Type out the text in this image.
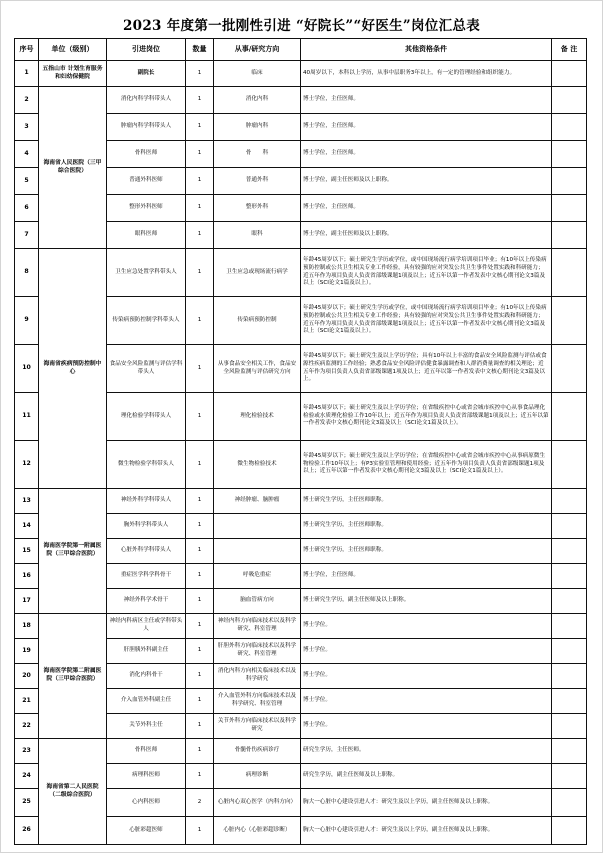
2023 年度第一批刚性引进 “好院长”“好医生”岗位汇总表
序号	单位（级别）	引进岗位	数量	从事/研究方向	其他资格条件	备 注
1	五指山市 计划生育服务和妇幼保健院	副院长	1	临床	40周岁以下，本科以上学历，从事中层职务3年以上，有一定的管理经验和组织能力。	
2	海南省人民医院（三甲综合医院）	消化内科学科带头人	1	消化内科	博士学位，主任医师。	
3		肿瘤内科学科带头人	1	肿瘤内科	博士学位，主任医师。	
4		骨科医师	1	骨　　科	博士学位，主任医师。	
5		普通外科医师	1	普通外科	博士学位，副主任医师及以上职称。	
6		整形外科医师	1	整形外科	博士学位，主任医师。	
7		眼科医师	1	眼科	博士学位，副主任医师及以上职称。	
8	海南省疾病预防控制中心	卫生应急处置学科带头人	1	卫生应急或现场流行病学	年龄45周岁以下；硕士研究生学历或学位，或中国现场流行病学培训项目毕业；有10年以上传染病预防控制或公共卫生相关专业工作经验，具有较强的应对突发公共卫生事件处置实践和科研能力；近五年作为项目负责人负责省部级课题1项及以上；近五年以第一作者发表中文核心期刊论文3篇及以上（SCI论文1篇及以上）。	
9		传染病预防控制学科带头人	1	传染病预防控制	年龄45周岁以下；硕士研究生学历或学位，或中国现场流行病学培训项目毕业；有10年以上传染病预防控制或公共卫生相关专业工作经验；具有较强的应对突发公共卫生事件处置实践和科研能力；近五年作为项目负责人负责省部级课题1项及以上；近五年以第一作者发表中文核心期刊论文3篇及以上（SCI论文1篇及以上）。	
10		食品安全风险监测与评估学科带头人	1	从事食品安全相关工作，食品安全风险监测与评估研究方向	年龄45周岁以下；硕士研究生及以上学历学位；具有10年以上丰富的食品安全风险监测与评估或食源性疾病监测的工作经验；熟悉食品安全风险评估健食暴露调查和人群消费量调查的相关理论；近五年作为项目负责人负责省部级课题1项及以上；近五年以第一作者发表中文核心期刊论文3篇及以上。	
11		理化检验学科带头人	1	理化检验技术	年龄45周岁以下；硕士研究生及以上学历学位；在省级疾控中心或省会城市疾控中心从事食品理化检验或水质理化检验工作10年以上；近五年作为项目负责人负责省部级课题1项及以上；近五年以第一作者发表中文核心期刊论文3篇及以上（SCI论文1篇及以上）。	
12		微生物检验学科带头人	1	微生物检验技术	年龄45周岁以下；硕士研究生及以上学历学位；在省级疾控中心或省会城市疾控中心从事病原微生物检验工作10年以上；有P3实验室管理和使用经验；近五年作为项目负责人负责省部级课题1项及以上；近五年以第一作者发表中文核心期刊论文3篇及以上（SCI论文1篇及以上）。	
13	海南医学院第一附属医院（三甲综合医院）	神经外科学科带头人	1	神经肿瘤、脑肿瘤	博士研究生学历，主任医师职称。	
14		胸外科学科带头人	1		博士研究生学历，主任医师职称。	
15		心脏外科学科带头人	1		博士研究生学历，主任医师职称。	
16		重症医学科学科骨干	1	呼吸危重症	博士学位，主任医师。	
17		神经外科学术骨干	1	脑血管病方向	博士研究生学历，副主任医师及以上职称。	
18	海南医学院第二附属医院（三甲综合医院）	神经内科病区主任或学科带头人	1	神经内科方向临床技术以及科学研究、科室管理	博士学位。	
19		肝胆胰外科副主任	1	肝胆外科方向临床技术以及科学研究、科室管理	博士学位。	
20		消化内科骨干	1	消化内科方向相关临床技术以及科学研究	博士学位。	
21		介入血管外科副主任	1	介入血管外科方向临床技术以及科学研究、科室管理	博士学位。	
22		关节外科主任	1	关节外科方向临床技术以及科学研究	博士学位。	
23	海南省第二人民医院（二级综合医院）	骨科医师	1	骨髓骨伤疾病诊疗	研究生学历，主任医师。	
24		病理科医师	1	病理诊断	研究生学历，副主任医师及以上职称。	
25		心内科医师	2	心脏内心双心医学（内科方向）	胸大一心脏中心建设引进人才：研究生及以上学历，副主任医师及以上职称。	
26		心脏彩超医师	1	心脏内心（心脏彩超诊断）	胸大一心脏中心建设引进人才：研究生及以上学历，副主任医师及以上职称。	
